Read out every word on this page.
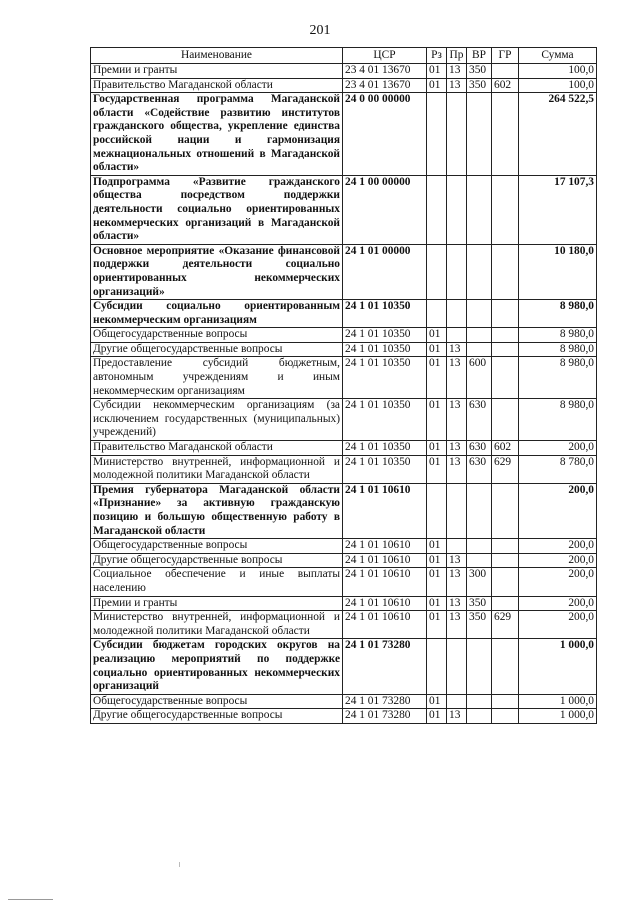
201
Наименование	ЦСР	Рз	Пр	ВР	ГР	Сумма
Премии и гранты	23 4 01 13670	01	13	350		100,0
Правительство Магаданской области	23 4 01 13670	01	13	350	602	100,0
Государственная программа Магаданской области «Содействие развитию институтов гражданского общества, укрепление единства российской нации и гармонизация межнациональных отношений в Магаданской области»	24 0 00 00000					264 522,5
Подпрограмма «Развитие гражданского общества посредством поддержки деятельности социально ориентированных некоммерческих организаций в Магаданской области»	24 1 00 00000					17 107,3
Основное мероприятие «Оказание финансовой поддержки деятельности социально ориентированных некоммерческих организаций»	24 1 01 00000					10 180,0
Субсидии социально ориентированным некоммерческим организациям	24 1 01 10350					8 980,0
Общегосударственные вопросы	24 1 01 10350	01				8 980,0
Другие общегосударственные вопросы	24 1 01 10350	01	13			8 980,0
Предоставление субсидий бюджетным, автономным учреждениям и иным некоммерческим организациям	24 1 01 10350	01	13	600		8 980,0
Субсидии некоммерческим организациям (за исключением государственных (муниципальных) учреждений)	24 1 01 10350	01	13	630		8 980,0
Правительство Магаданской области	24 1 01 10350	01	13	630	602	200,0
Министерство внутренней, информационной и молодежной политики Магаданской области	24 1 01 10350	01	13	630	629	8 780,0
Премия губернатора Магаданской области «Признание» за активную гражданскую позицию и большую общественную работу в Магаданской области	24 1 01 10610					200,0
Общегосударственные вопросы	24 1 01 10610	01				200,0
Другие общегосударственные вопросы	24 1 01 10610	01	13			200,0
Социальное обеспечение и иные выплаты населению	24 1 01 10610	01	13	300		200,0
Премии и гранты	24 1 01 10610	01	13	350		200,0
Министерство внутренней, информационной и молодежной политики Магаданской области	24 1 01 10610	01	13	350	629	200,0
Субсидии бюджетам городских округов на реализацию мероприятий по поддержке социально ориентированных некоммерческих организаций	24 1 01 73280					1 000,0
Общегосударственные вопросы	24 1 01 73280	01				1 000,0
Другие общегосударственные вопросы	24 1 01 73280	01	13			1 000,0
